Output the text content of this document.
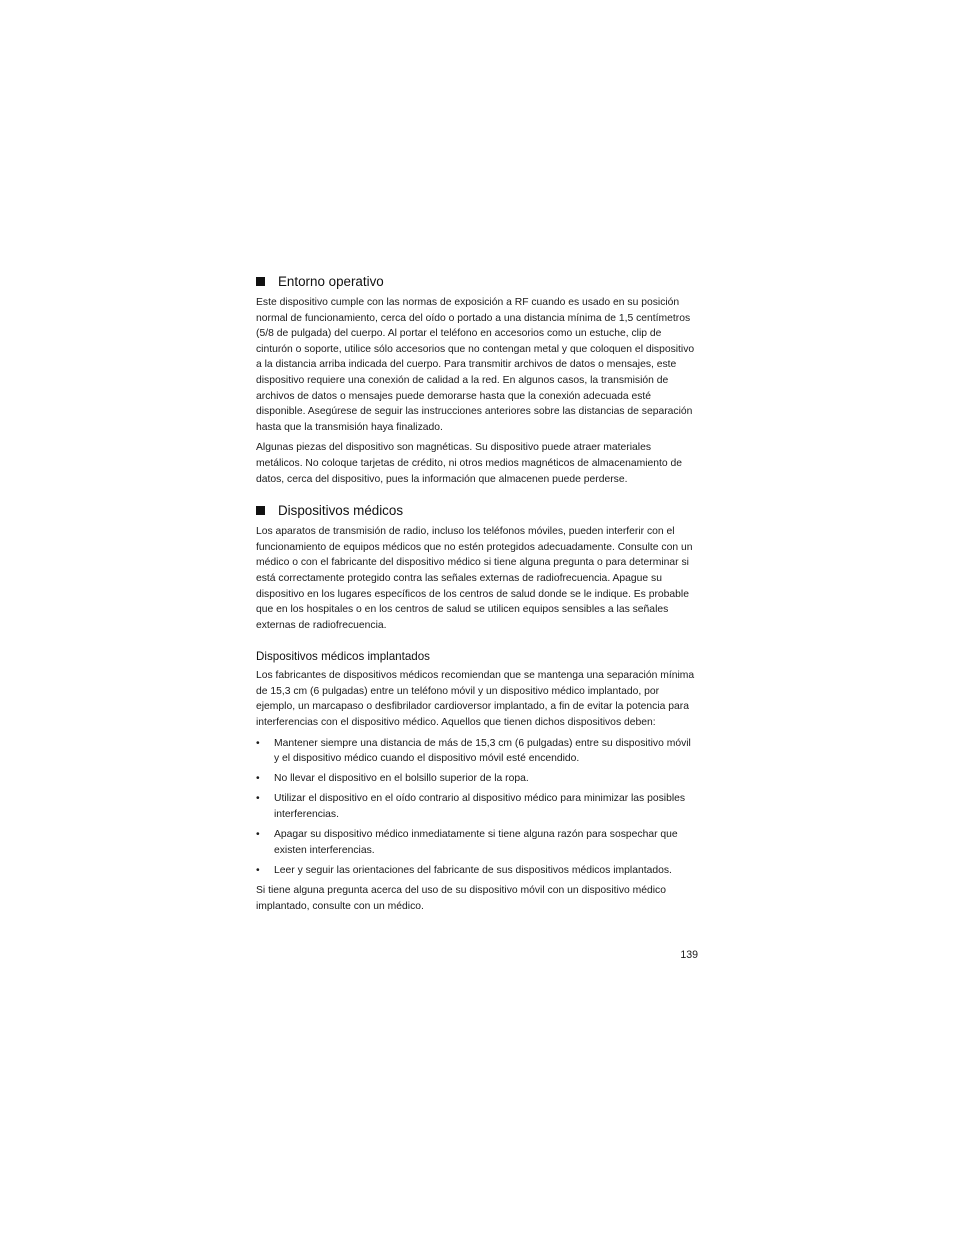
Entorno operativo

Este dispositivo cumple con las normas de exposición a RF cuando es usado en su posición normal de funcionamiento, cerca del oído o portado a una distancia mínima de 1,5 centímetros (5/8 de pulgada) del cuerpo. Al portar el teléfono en accesorios como un estuche, clip de cinturón o soporte, utilice sólo accesorios que no contengan metal y que coloquen el dispositivo a la distancia arriba indicada del cuerpo. Para transmitir archivos de datos o mensajes, este dispositivo requiere una conexión de calidad a la red. En algunos casos, la transmisión de archivos de datos o mensajes puede demorarse hasta que la conexión adecuada esté disponible. Asegúrese de seguir las instrucciones anteriores sobre las distancias de separación hasta que la transmisión haya finalizado.

Algunas piezas del dispositivo son magnéticas. Su dispositivo puede atraer materiales metálicos. No coloque tarjetas de crédito, ni otros medios magnéticos de almacenamiento de datos, cerca del dispositivo, pues la información que almacenen puede perderse.

Dispositivos médicos

Los aparatos de transmisión de radio, incluso los teléfonos móviles, pueden interferir con el funcionamiento de equipos médicos que no estén protegidos adecuadamente. Consulte con un médico o con el fabricante del dispositivo médico si tiene alguna pregunta o para determinar si está correctamente protegido contra las señales externas de radiofrecuencia. Apague su dispositivo en los lugares específicos de los centros de salud donde se le indique. Es probable que en los hospitales o en los centros de salud se utilicen equipos sensibles a las señales externas de radiofrecuencia.

Dispositivos médicos implantados

Los fabricantes de dispositivos médicos recomiendan que se mantenga una separación mínima de 15,3 cm (6 pulgadas) entre un teléfono móvil y un dispositivo médico implantado, por ejemplo, un marcapaso o desfibrilador cardioversor implantado, a fin de evitar la potencia para interferencias con el dispositivo médico. Aquellos que tienen dichos dispositivos deben:

• Mantener siempre una distancia de más de 15,3 cm (6 pulgadas) entre su dispositivo móvil y el dispositivo médico cuando el dispositivo móvil esté encendido.
• No llevar el dispositivo en el bolsillo superior de la ropa.
• Utilizar el dispositivo en el oído contrario al dispositivo médico para minimizar las posibles interferencias.
• Apagar su dispositivo médico inmediatamente si tiene alguna razón para sospechar que existen interferencias.
• Leer y seguir las orientaciones del fabricante de sus dispositivos médicos implantados.

Si tiene alguna pregunta acerca del uso de su dispositivo móvil con un dispositivo médico implantado, consulte con un médico.

139
